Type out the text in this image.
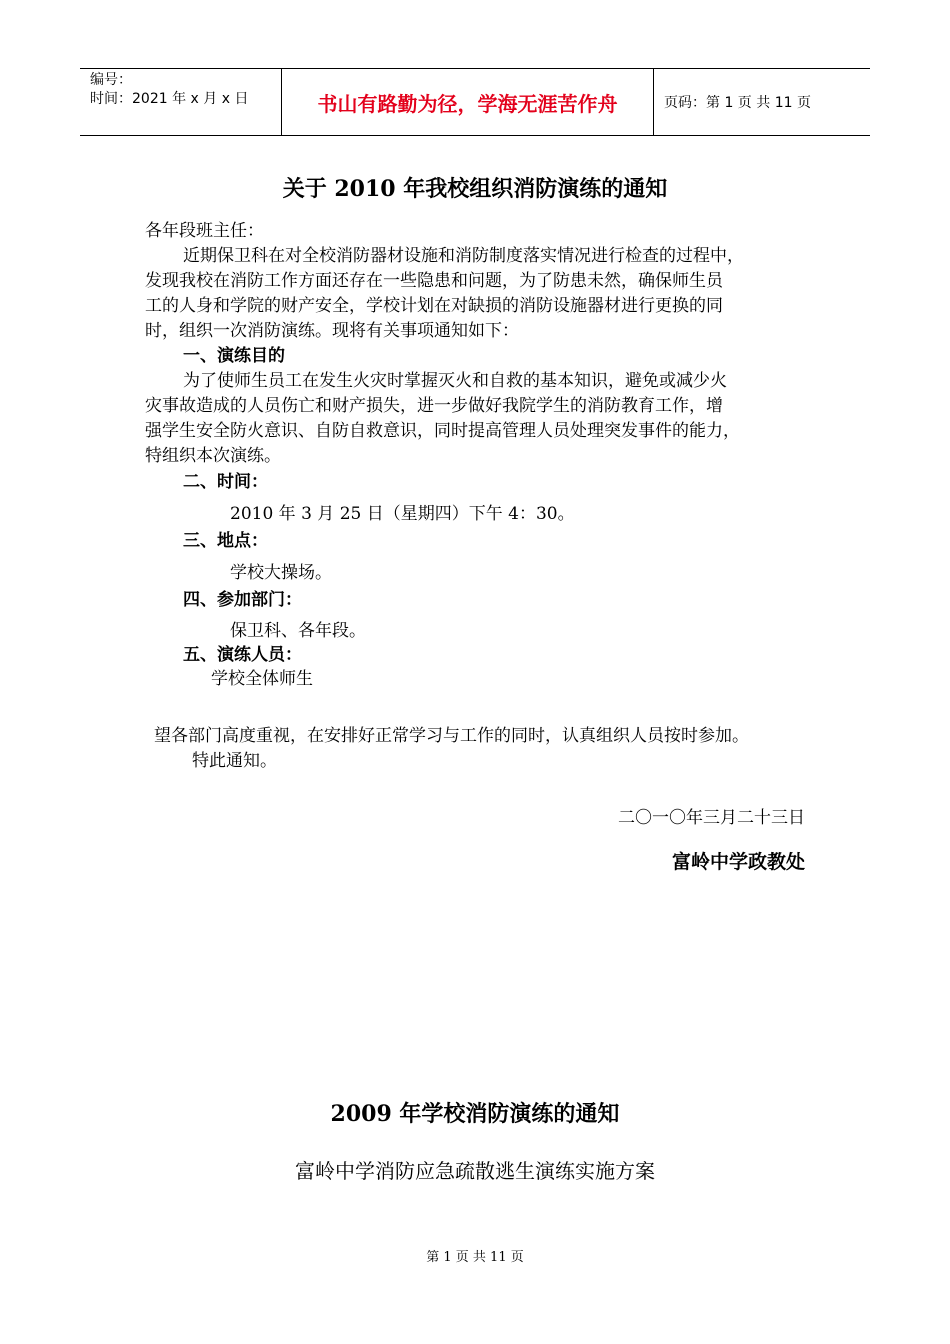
编号：
时间：2021 年 x 月 x 日	书山有路勤为径，学海无涯苦作舟	页码：第 1 页 共 11 页
关于 2010 年我校组织消防演练的通知
各年段班主任：
近期保卫科在对全校消防器材设施和消防制度落实情况进行检查的过程中，
发现我校在消防工作方面还存在一些隐患和问题，为了防患未然，确保师生员
工的人身和学院的财产安全，学校计划在对缺损的消防设施器材进行更换的同
时，组织一次消防演练。现将有关事项通知如下：
一、演练目的
为了使师生员工在发生火灾时掌握灭火和自救的基本知识，避免或减少火
灾事故造成的人员伤亡和财产损失，进一步做好我院学生的消防教育工作，增
强学生安全防火意识、自防自救意识，同时提高管理人员处理突发事件的能力，
特组织本次演练。
二、时间：
2010 年 3 月 25 日（星期四）下午 4：30。
三、地点：
学校大操场。
四、参加部门：
保卫科、各年段。
五、演练人员：
学校全体师生
望各部门高度重视，在安排好正常学习与工作的同时，认真组织人员按时参加。
特此通知。
二〇一〇年三月二十三日
富岭中学政教处
2009 年学校消防演练的通知
富岭中学消防应急疏散逃生演练实施方案
第 1 页 共 11 页
